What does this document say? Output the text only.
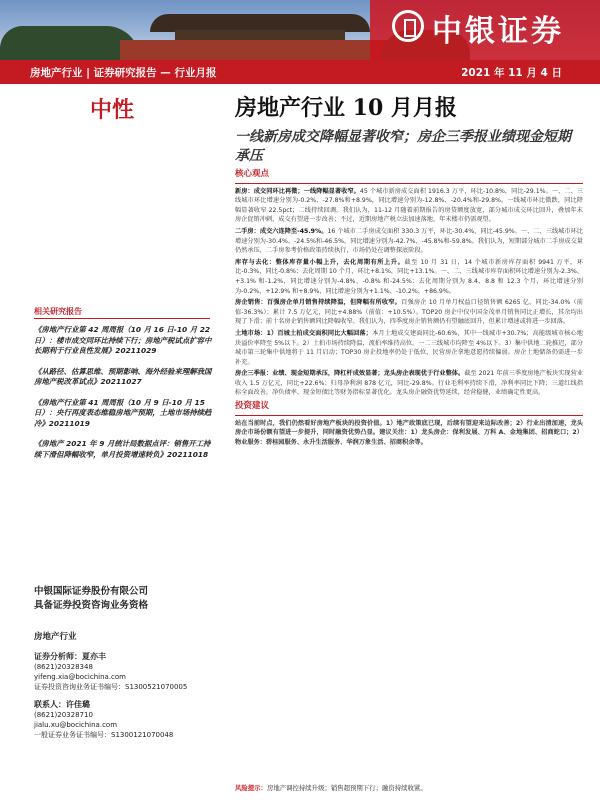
中银证券
房地产行业 | 证券研究报告 — 行业月报	2021 年 11 月 4 日
中性	房地产行业 10 月月报
一线新房成交降幅显著收窄；房企三季报业绩现金短期承压
核心观点

新房：成交同环比再微；一线降幅显著收窄。45 个城市新房成交面积 1916.3 万平，环比-10.8%，同比-29.1%。一、二、三线城市环比增速分别为-0.2%、-27.8%和+8.9%，同比增速分别为-12.8%、-20.4%和-29.8%。一线城市环比微跌，同比降幅显著收窄 22.5pct；二线持续回调。我们认为，11-12 月随着前期报告的房贷额度放宽，部分城市成交环比回升，叠加年末房企促销冲刺，成交有望进一步改善；不过，近期房地产税立法加速落地，年末楼市仍需观望。

二手房：成交六连降至-45.9%。16 个城市二手房成交面积 330.3 万平，环比-30.4%，同比-45.9%。一、二、三线城市环比增速分别为-30.4%、-24.5%和-46.5%，同比增速分别为-42.7%、-45.8%和-59.8%。我们认为，短期部分城市二手房成交量仍然承压，二手房参考价格政策持续执行，市场仍处在调整探底阶段。

库存与去化：整体库存量小幅上升，去化周期有所上升。截至 10 月 31 日，14 个城市新房库存面积 9941 万平，环比-0.3%，同比-0.8%；去化周期 10 个月，环比+8.1%，同比+13.1%。一、二、三线城市库存面积环比增速分别为-2.3%、+3.1% 和-1.2%，同比增速分别为-4.8%、-0.8% 和-24.5%；去化周期分别为 8.4、8.8 和 12.3 个月，环比增速分别为-0.2%、+12.9% 和+8.9%，同比增速分别为+1.1%、-10.2%、+86.9%。

房企销售：百强房企单月销售持续降温，但降幅有所收窄。百强房企 10 月单月权益口径销售额 6265 亿，同比-34.0%（前值-36.3%）；累计 7.5 万亿元，同比+4.88%（前值：+10.5%）。TOP20 房企中仅中国金茂单月销售同比正增长，其余均出现了下滑；前十名房企销售额同比降幅收窄。我们认为，四季度房企销售额仍有望触底回升，但累计增速或将进一步回落。

土地市场：1）百城土拍成交面积同比大幅回落；本月土地成交建面同比-60.6%，其中一线城市+30.7%；高能级城市核心地块溢价率降至 5%以下。2）土拍市场持续降温，流拍率维持高位。一二三线城市均降至 4%以下。3）集中供地二轮推迟，部分城市第三轮集中供地将于 11 月启动；TOP30 房企投地率仍处于低位，民营房企拿地意愿持续偏弱。房企土地储备仍需进一步补充。

房企三季报：业绩、现金短期承压，降杠杆成效显著；龙头房企表现优于行业整体。截至 2021 年前三季度房地产板块实现营业收入 1.5 万亿元，同比+22.6%；归母净利润 878 亿元，同比-29.8%。行业毛利率持续下滑，净利率同比下降；三道红线指标全面改善，净负债率、现金短债比等财务指标显著优化。龙头房企融资优势延续，经营稳健，业绩确定性更高。

投资建议

站在当前时点，我们仍然看好房地产板块的投资价值。1）地产政策底已现，后续有望迎来边际改善；2）行业出清加速，龙头房企市场份额有望进一步提升，同时融资优势凸显。建议关注：1）龙头房企：保利发展、万科 A、金地集团、招商蛇口；2）物业服务：碧桂园服务、永升生活服务、华润万象生活、招商积余等。

风险提示：房地产调控持续升级；销售超预期下行；融资持续收紧。
相关研究报告
《房地产行业第 42 周周报（10 月 16 日-10 月 22 日）：楼市成交同环比持续下行；房地产税试点扩容中长期利于行业良性发展》20211029
《从路径、估算思维、预期影响、海外经验来理解我国房地产税改革试点》20211027
《房地产行业第 41 周周报（10 月 9 日-10 月 15 日）：央行再度表态维稳房地产预期，土地市场持续趋冷》20211019
《房地产 2021 年 9 月统计局数据点评：销售开工持续下滑但降幅收窄，单月投资增速转负》20211018
中银国际证券股份有限公司
具备证券投资咨询业务资格
房地产行业
证券分析师：夏亦丰
(8621)20328348
yifeng.xia@bocichina.com
证券投资咨询业务证书编号：S1300521070005
联系人：许佳璐
(8621)20328710
jialu.xu@bocichina.com
一般证券业务证书编号：S1300121070048
